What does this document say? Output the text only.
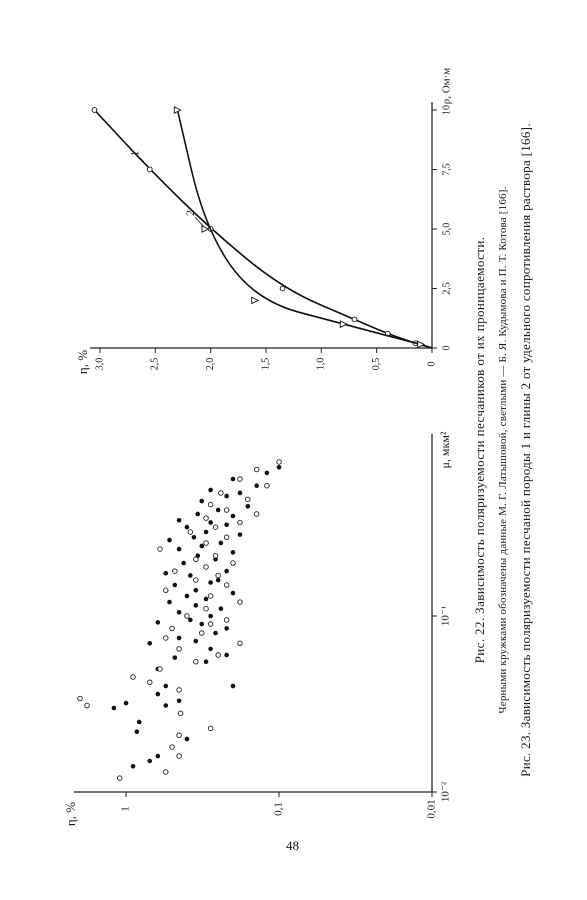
0,01
0,1
1
10⁻²
10⁻¹
η, %
μ, мкм²
0
0,5
1,0
1,5
2,0
2,5
3,0
0
2,5
5,0
7,5
10
η, %
ρ, Ом·м
1
2
Рис. 22. Зависимость поляризуемости песчаников от их проницаемости. Черными кружками обозначены данные М. Г. Латышовой, светлыми — Б. Я. Кудымова и П. Т. Котова [166]. Рис. 23. Зависимость поляризуемости песчаной породы 1 и глины 2 от удельного сопротивления раствора [166].
48
